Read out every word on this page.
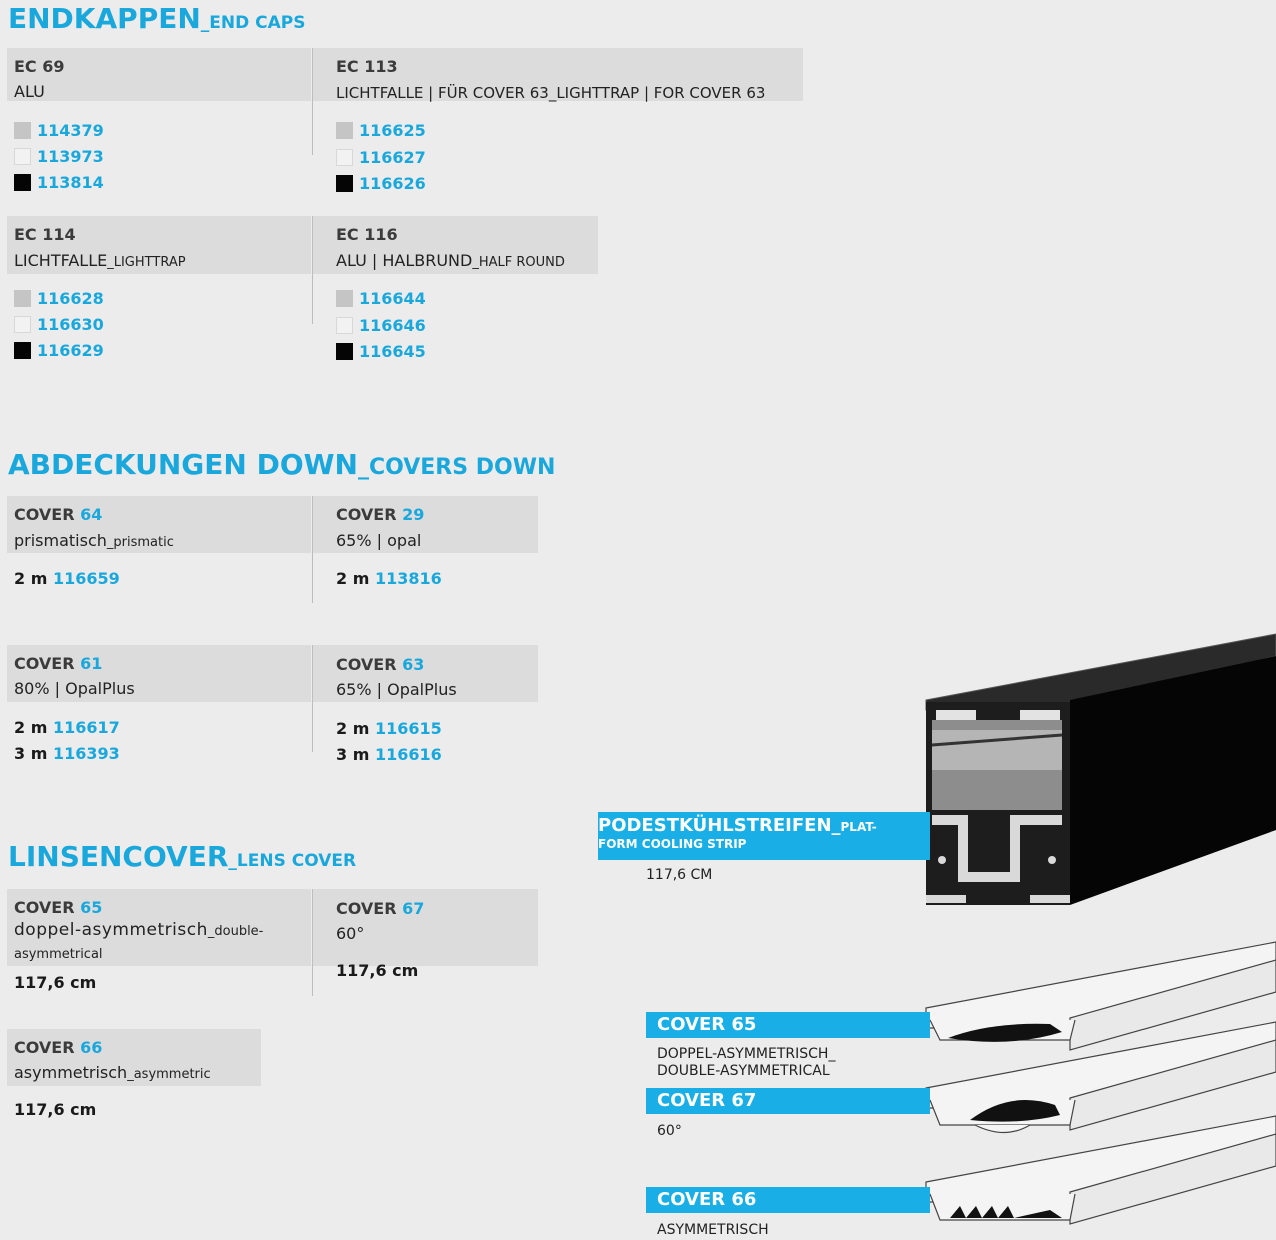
ENDKAPPEN_END CAPS
EC 69
ALU
114379
113973
113814
EC 113
LICHTFALLE | FÜR COVER 63_LIGHTTRAP | FOR COVER 63
116625
116627
116626
EC 114
LICHTFALLE_LIGHTTRAP
116628
116630
116629
EC 116
ALU | HALBRUND_HALF ROUND
116644
116646
116645
ABDECKUNGEN DOWN_COVERS DOWN
COVER 64
prismatisch_prismatic
2 m 116659
COVER 29
65% | opal
2 m 113816
COVER 61
80% | OpalPlus
2 m 116617
3 m 116393
COVER 63
65% | OpalPlus
2 m 116615
3 m 116616
LINSENCOVER_LENS COVER
COVER 65
doppel-asymmetrisch_double-
asymmetrical
117,6 cm
COVER 67
60°
117,6 cm
COVER 66
asymmetrisch_asymmetric
117,6 cm
PODESTKÜHLSTREIFEN_PLAT-
FORM COOLING STRIP
117,6 CM
COVER 65
DOPPEL-ASYMMETRISCH_
DOUBLE-ASYMMETRICAL
COVER 67
60°
COVER 66
ASYMMETRISCH
